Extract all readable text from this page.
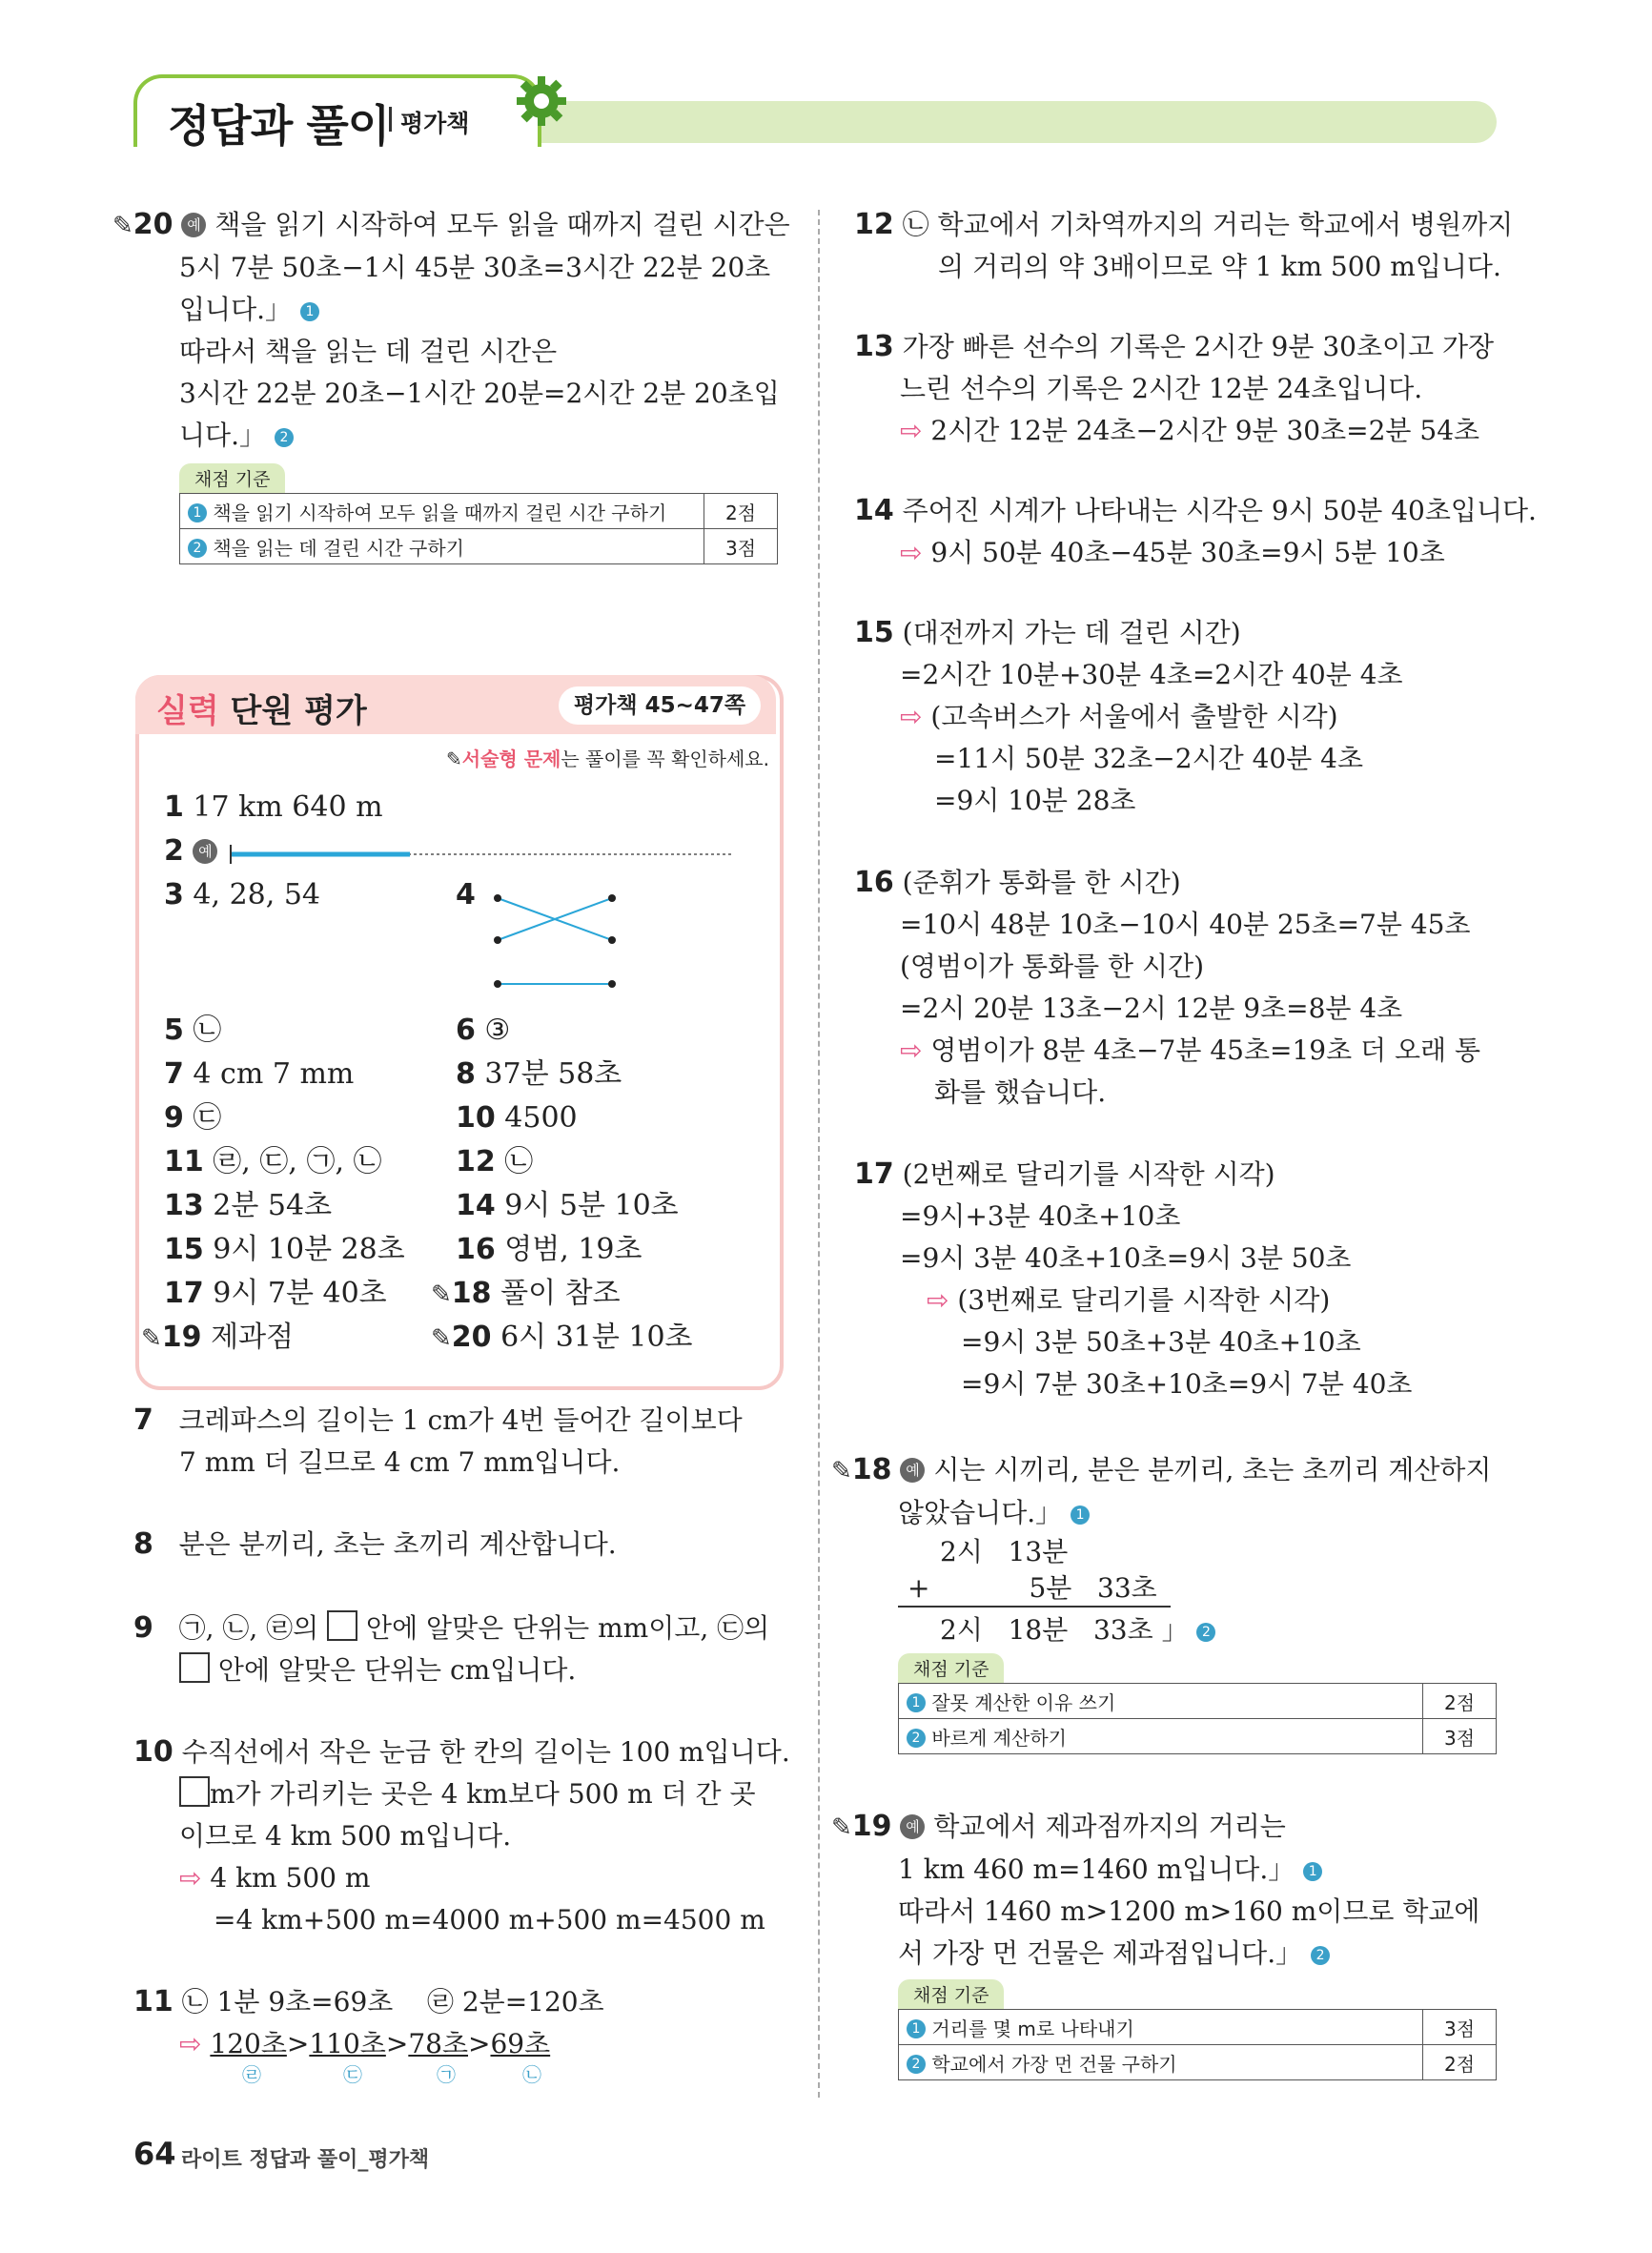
정답과 풀이 평가책
✎20 예 책을 읽기 시작하여 모두 읽을 때까지 걸린 시간은
5시 7분 50초−1시 45분 30초=3시간 22분 20초
입니다.」 1
따라서 책을 읽는 데 걸린 시간은
3시간 22분 20초−1시간 20분=2시간 2분 20초입
니다.」 2
채점 기준
1 책을 읽기 시작하여 모두 읽을 때까지 걸린 시간 구하기	2점
2 책을 읽는 데 걸린 시간 구하기	3점
실력 단원 평가	평가책 45~47쪽
✎서술형 문제는 풀이를 꼭 확인하세요.
1 17 km 640 m
2 예
3 4, 28, 54	4
5 ㉡	6 ③
7 4 cm 7 mm	8 37분 58초
9 ㉢	10 4500
11 ㉣, ㉢, ㉠, ㉡	12 ㉡
13 2분 54초	14 9시 5분 10초
15 9시 10분 28초 16 영범, 19초
17 9시 7분 40초 ✎18 풀이 참조
✎19 제과점	✎20 6시 31분 10초
7 크레파스의 길이는 1 cm가 4번 들어간 길이보다
7 mm 더 길므로 4 cm 7 mm입니다.
8 분은 분끼리, 초는 초끼리 계산합니다.
9 ㉠, ㉡, ㉣의 안에 알맞은 단위는 mm이고, ㉢의
안에 알맞은 단위는 cm입니다.
10 수직선에서 작은 눈금 한 칸의 길이는 100 m입니다.
m가 가리키는 곳은 4 km보다 500 m 더 간 곳
이므로 4 km 500 m입니다.
⇨ 4 km 500 m
=4 km+500 m=4000 m+500 m=4500 m
11 ㉡ 1분 9초=69초 ㉣ 2분=120초
⇨ 120초>110초>78초>69초
㉣	㉢	㉠	㉡
12 ㉡ 학교에서 기차역까지의 거리는 학교에서 병원까지
의 거리의 약 3배이므로 약 1 km 500 m입니다.
13 가장 빠른 선수의 기록은 2시간 9분 30초이고 가장
느린 선수의 기록은 2시간 12분 24초입니다.
⇨ 2시간 12분 24초−2시간 9분 30초=2분 54초
14 주어진 시계가 나타내는 시각은 9시 50분 40초입니다.
⇨ 9시 50분 40초−45분 30초=9시 5분 10초
15 (대전까지 가는 데 걸린 시간)
=2시간 10분+30분 4초=2시간 40분 4초
⇨ (고속버스가 서울에서 출발한 시각)
=11시 50분 32초−2시간 40분 4초
=9시 10분 28초
16 (준휘가 통화를 한 시간)
=10시 48분 10초−10시 40분 25초=7분 45초
(영범이가 통화를 한 시간)
=2시 20분 13초−2시 12분 9초=8분 4초
⇨ 영범이가 8분 4초−7분 45초=19초 더 오래 통
화를 했습니다.
17 (2번째로 달리기를 시작한 시각)
=9시+3분 40초+10초
=9시 3분 40초+10초=9시 3분 50초
⇨ (3번째로 달리기를 시작한 시각)
=9시 3분 50초+3분 40초+10초
=9시 7분 30초+10초=9시 7분 40초
✎18 예 시는 시끼리, 분은 분끼리, 초는 초끼리 계산하지
않았습니다.」 1
2시 13분
+	5분 33초
2시 18분 33초 」 2
채점 기준
1 잘못 계산한 이유 쓰기	2점
2 바르게 계산하기	3점
✎19 예 학교에서 제과점까지의 거리는
1 km 460 m=1460 m입니다.」 1
따라서 1460 m>1200 m>160 m이므로 학교에
서 가장 먼 건물은 제과점입니다.」 2
채점 기준
1 거리를 몇 m로 나타내기	3점
2 학교에서 가장 먼 건물 구하기	2점
64 라이트 정답과 풀이_평가책
